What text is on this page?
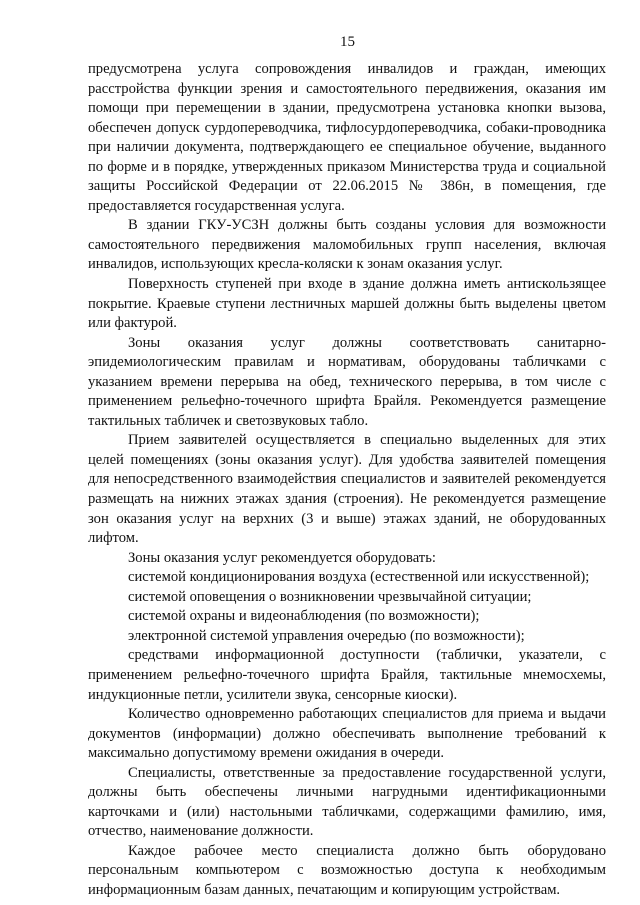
15

предусмотрена услуга сопровождения инвалидов и граждан, имеющих расстройства функции зрения и самостоятельного передвижения, оказания им помощи при перемещении в здании, предусмотрена установка кнопки вызова, обеспечен допуск сурдопереводчика, тифлосурдопереводчика, собаки-проводника при наличии документа, подтверждающего ее специальное обучение, выданного по форме и в порядке, утвержденных приказом Министерства труда и социальной защиты Российской Федерации от 22.06.2015 № 386н, в помещения, где предоставляется государственная услуга.

В здании ГКУ-УСЗН должны быть созданы условия для возможности самостоятельного передвижения маломобильных групп населения, включая инвалидов, использующих кресла-коляски к зонам оказания услуг.

Поверхность ступеней при входе в здание должна иметь антискользящее покрытие. Краевые ступени лестничных маршей должны быть выделены цветом или фактурой.

Зоны оказания услуг должны соответствовать санитарно-эпидемиологическим правилам и нормативам, оборудованы табличками с указанием времени перерыва на обед, технического перерыва, в том числе с применением рельефно-точечного шрифта Брайля. Рекомендуется размещение тактильных табличек и светозвуковых табло.

Прием заявителей осуществляется в специально выделенных для этих целей помещениях (зоны оказания услуг). Для удобства заявителей помещения для непосредственного взаимодействия специалистов и заявителей рекомендуется размещать на нижних этажах здания (строения). Не рекомендуется размещение зон оказания услуг на верхних (3 и выше) этажах зданий, не оборудованных лифтом.

Зоны оказания услуг рекомендуется оборудовать:

системой кондиционирования воздуха (естественной или искусственной);

системой оповещения о возникновении чрезвычайной ситуации;

системой охраны и видеонаблюдения (по возможности);

электронной системой управления очередью (по возможности);

средствами информационной доступности (таблички, указатели, с применением рельефно-точечного шрифта Брайля, тактильные мнемосхемы, индукционные петли, усилители звука, сенсорные киоски).

Количество одновременно работающих специалистов для приема и выдачи документов (информации) должно обеспечивать выполнение требований к максимально допустимому времени ожидания в очереди.

Специалисты, ответственные за предоставление государственной услуги, должны быть обеспечены личными нагрудными идентификационными карточками и (или) настольными табличками, содержащими фамилию, имя, отчество, наименование должности.

Каждое рабочее место специалиста должно быть оборудовано персональным компьютером с возможностью доступа к необходимым информационным базам данных, печатающим и копирующим устройствам.
